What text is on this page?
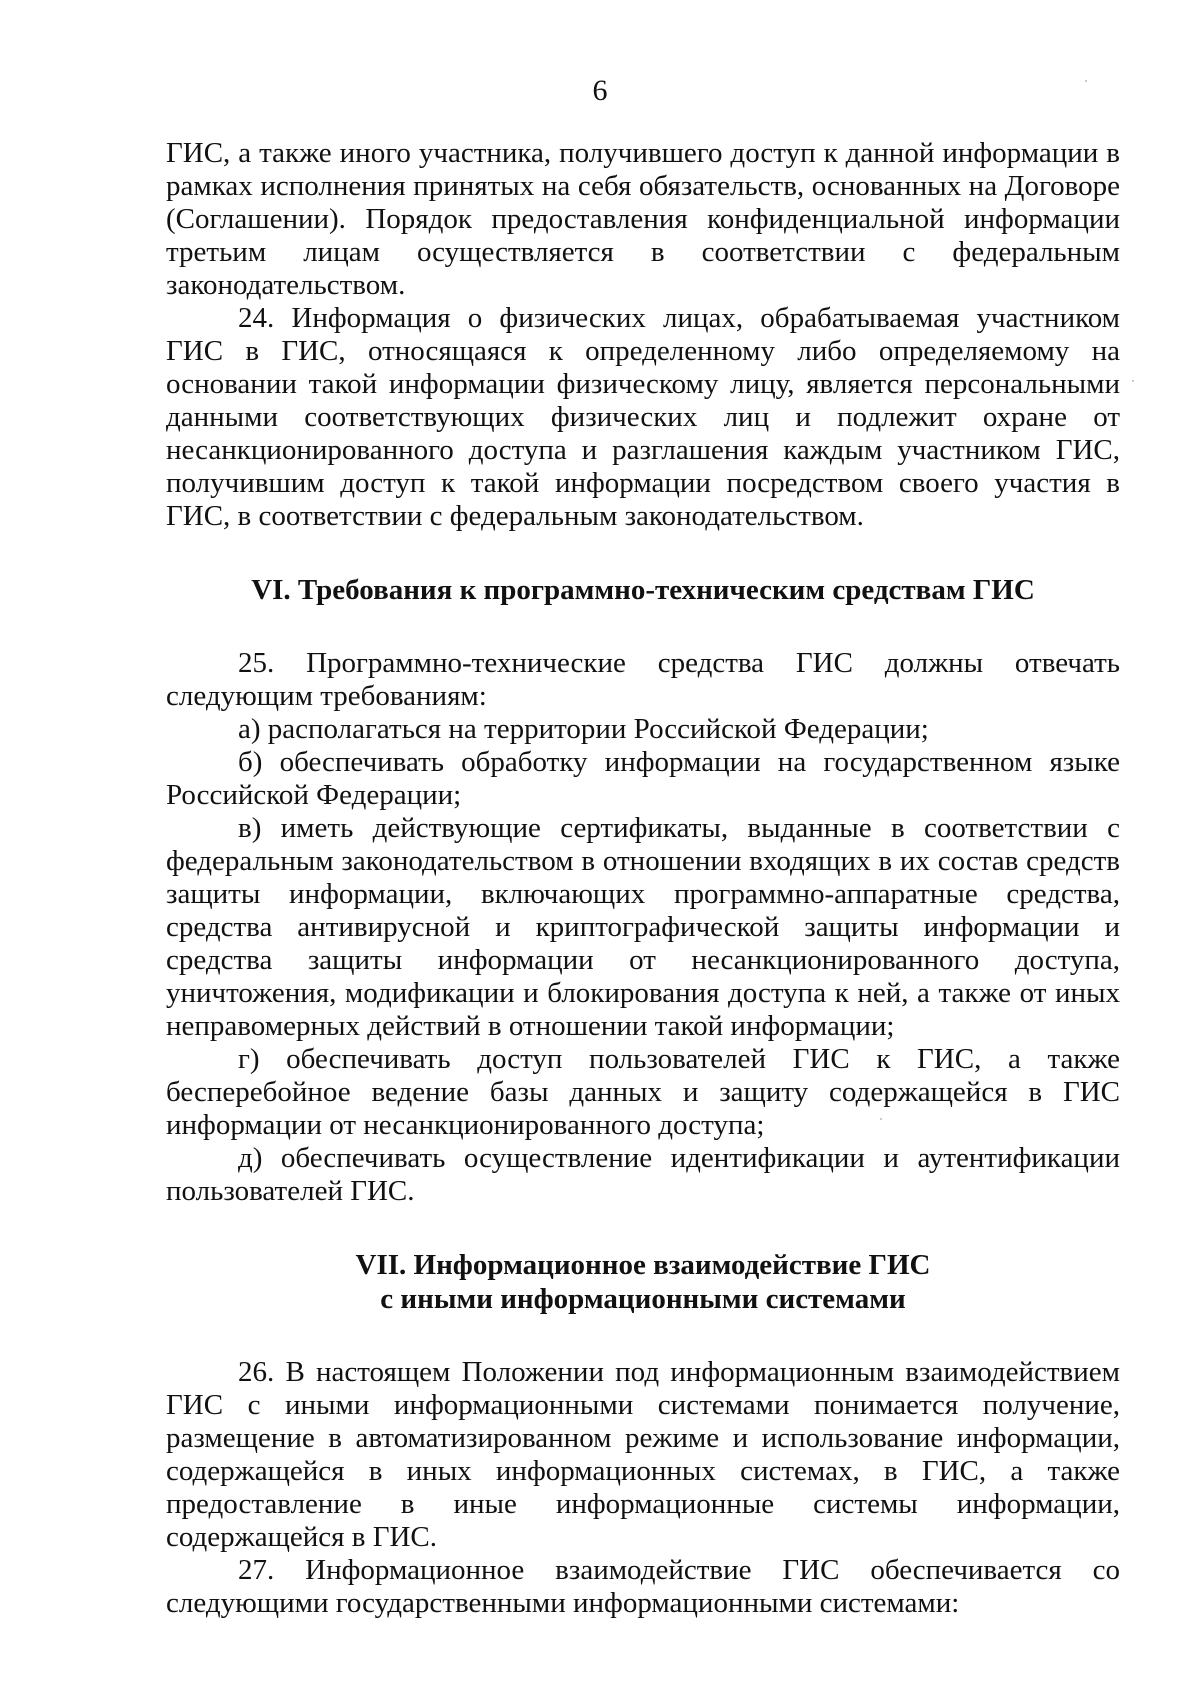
6

ГИС, а также иного участника, получившего доступ к данной информации в рамках исполнения принятых на себя обязательств, основанных на Договоре (Соглашении). Порядок предоставления конфиденциальной информации третьим лицам осуществляется в соответствии с федеральным законодательством.

24. Информация о физических лицах, обрабатываемая участником ГИС в ГИС, относящаяся к определенному либо определяемому на основании такой информации физическому лицу, является персональными данными соответствующих физических лиц и подлежит охране от несанкционированного доступа и разглашения каждым участником ГИС, получившим доступ к такой информации посредством своего участия в ГИС, в соответствии с федеральным законодательством.

VI. Требования к программно-техническим средствам ГИС

25. Программно-технические средства ГИС должны отвечать следующим требованиям:

а) располагаться на территории Российской Федерации;

б) обеспечивать обработку информации на государственном языке Российской Федерации;

в) иметь действующие сертификаты, выданные в соответствии с федеральным законодательством в отношении входящих в их состав средств защиты информации, включающих программно-аппаратные средства, средства антивирусной и криптографической защиты информации и средства защиты информации от несанкционированного доступа, уничтожения, модификации и блокирования доступа к ней, а также от иных неправомерных действий в отношении такой информации;

г) обеспечивать доступ пользователей ГИС к ГИС, а также бесперебойное ведение базы данных и защиту содержащейся в ГИС информации от несанкционированного доступа;

д) обеспечивать осуществление идентификации и аутентификации пользователей ГИС.

VII. Информационное взаимодействие ГИС
с иными информационными системами

26. В настоящем Положении под информационным взаимодействием ГИС с иными информационными системами понимается получение, размещение в автоматизированном режиме и использование информации, содержащейся в иных информационных системах, в ГИС, а также предоставление в иные информационные системы информации, содержащейся в ГИС.

27. Информационное взаимодействие ГИС обеспечивается со следующими государственными информационными системами:
